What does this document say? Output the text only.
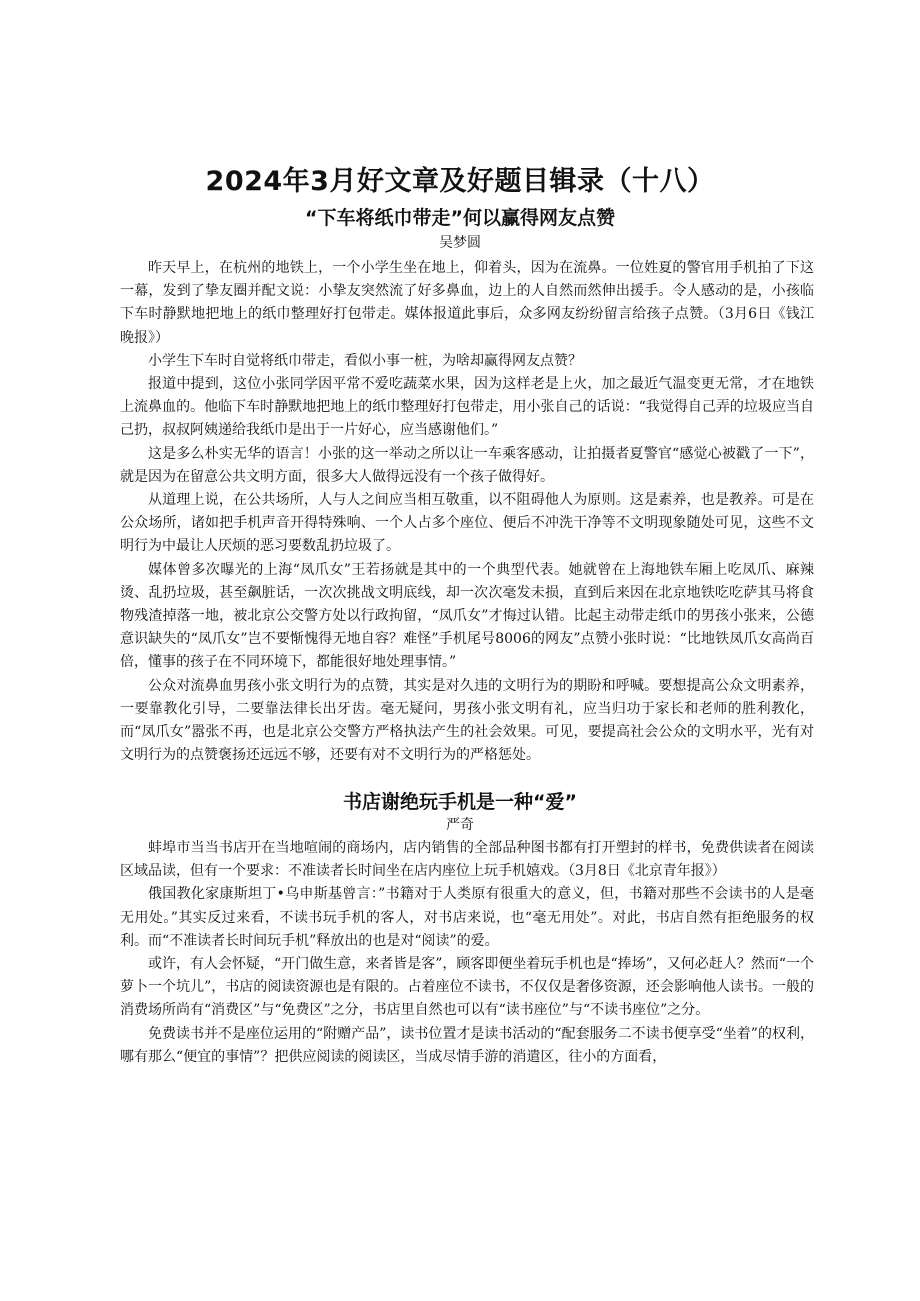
2024年3月好文章及好题目辑录（十八）
“下车将纸巾带走”何以赢得网友点赞
吴梦圆

昨天早上，在杭州的地铁上，一个小学生坐在地上，仰着头，因为在流鼻。一位姓夏的警官用手机拍了下这一幕，发到了挚友圈并配文说：小挚友突然流了好多鼻血，边上的人自然而然伸出援手。令人感动的是，小孩临下车时静默地把地上的纸巾整理好打包带走。媒体报道此事后，众多网友纷纷留言给孩子点赞。（3月6日《钱江晚报》）

小学生下车时自觉将纸巾带走，看似小事一桩，为啥却赢得网友点赞？

报道中提到，这位小张同学因平常不爱吃蔬菜水果，因为这样老是上火，加之最近气温变更无常，才在地铁上流鼻血的。他临下车时静默地把地上的纸巾整理好打包带走，用小张自己的话说：“我觉得自己弄的垃圾应当自己扔，叔叔阿姨递给我纸巾是出于一片好心，应当感谢他们。”

这是多么朴实无华的语言！小张的这一举动之所以让一车乘客感动，让拍摄者夏警官“感觉心被戳了一下”，就是因为在留意公共文明方面，很多大人做得远没有一个孩子做得好。

从道理上说，在公共场所，人与人之间应当相互敬重，以不阻碍他人为原则。这是素养，也是教养。可是在公众场所，诸如把手机声音开得特殊响、一个人占多个座位、便后不冲洗干净等不文明现象随处可见，这些不文明行为中最让人厌烦的恶习要数乱扔垃圾了。

媒体曾多次曝光的上海“凤爪女”王若扬就是其中的一个典型代表。她就曾在上海地铁车厢上吃凤爪、麻辣烫、乱扔垃圾，甚至飙脏话，一次次挑战文明底线，却一次次毫发未损，直到后来因在北京地铁吃吃萨其马将食物残渣掉落一地，被北京公交警方处以行政拘留，“凤爪女”才悔过认错。比起主动带走纸巾的男孩小张来，公德意识缺失的“凤爪女”岂不要惭愧得无地自容？难怪”手机尾号8006的网友”点赞小张时说：“比地铁凤爪女高尚百倍，懂事的孩子在不同环境下，都能很好地处理事情。”

公众对流鼻血男孩小张文明行为的点赞，其实是对久违的文明行为的期盼和呼喊。要想提高公众文明素养，一要靠教化引导，二要靠法律长出牙齿。毫无疑问，男孩小张文明有礼，应当归功于家长和老师的胜利教化，而“凤爪女”嚣张不再，也是北京公交警方严格执法产生的社会效果。可见，要提高社会公众的文明水平，光有对文明行为的点赞褒扬还远远不够，还要有对不文明行为的严格惩处。

书店谢绝玩手机是一种“爱”
严奇

蚌埠市当当书店开在当地喧闹的商场内，店内销售的全部品种图书都有打开塑封的样书，免费供读者在阅读区域品读，但有一个要求：不准读者长时间坐在店内座位上玩手机嬉戏。（3月8日《北京青年报》）

俄国教化家康斯坦丁•乌申斯基曾言：”书籍对于人类原有很重大的意义，但，书籍对那些不会读书的人是毫无用处。”其实反过来看，不读书玩手机的客人，对书店来说，也“毫无用处”。对此，书店自然有拒绝服务的权利。而“不准读者长时间玩手机”释放出的也是对“阅读”的爱。

或许，有人会怀疑，“开门做生意，来者皆是客”，顾客即便坐着玩手机也是“捧场”，又何必赶人？然而“一个萝卜一个坑儿”，书店的阅读资源也是有限的。占着座位不读书，不仅仅是奢侈资源，还会影响他人读书。一般的消费场所尚有“消费区”与“免费区”之分，书店里自然也可以有“读书座位”与“不读书座位”之分。

免费读书并不是座位运用的“附赠产品”，读书位置才是读书活动的“配套服务二不读书便享受“坐着”的权利，哪有那么“便宜的事情”？把供应阅读的阅读区，当成尽情手游的消遣区，往小的方面看，
